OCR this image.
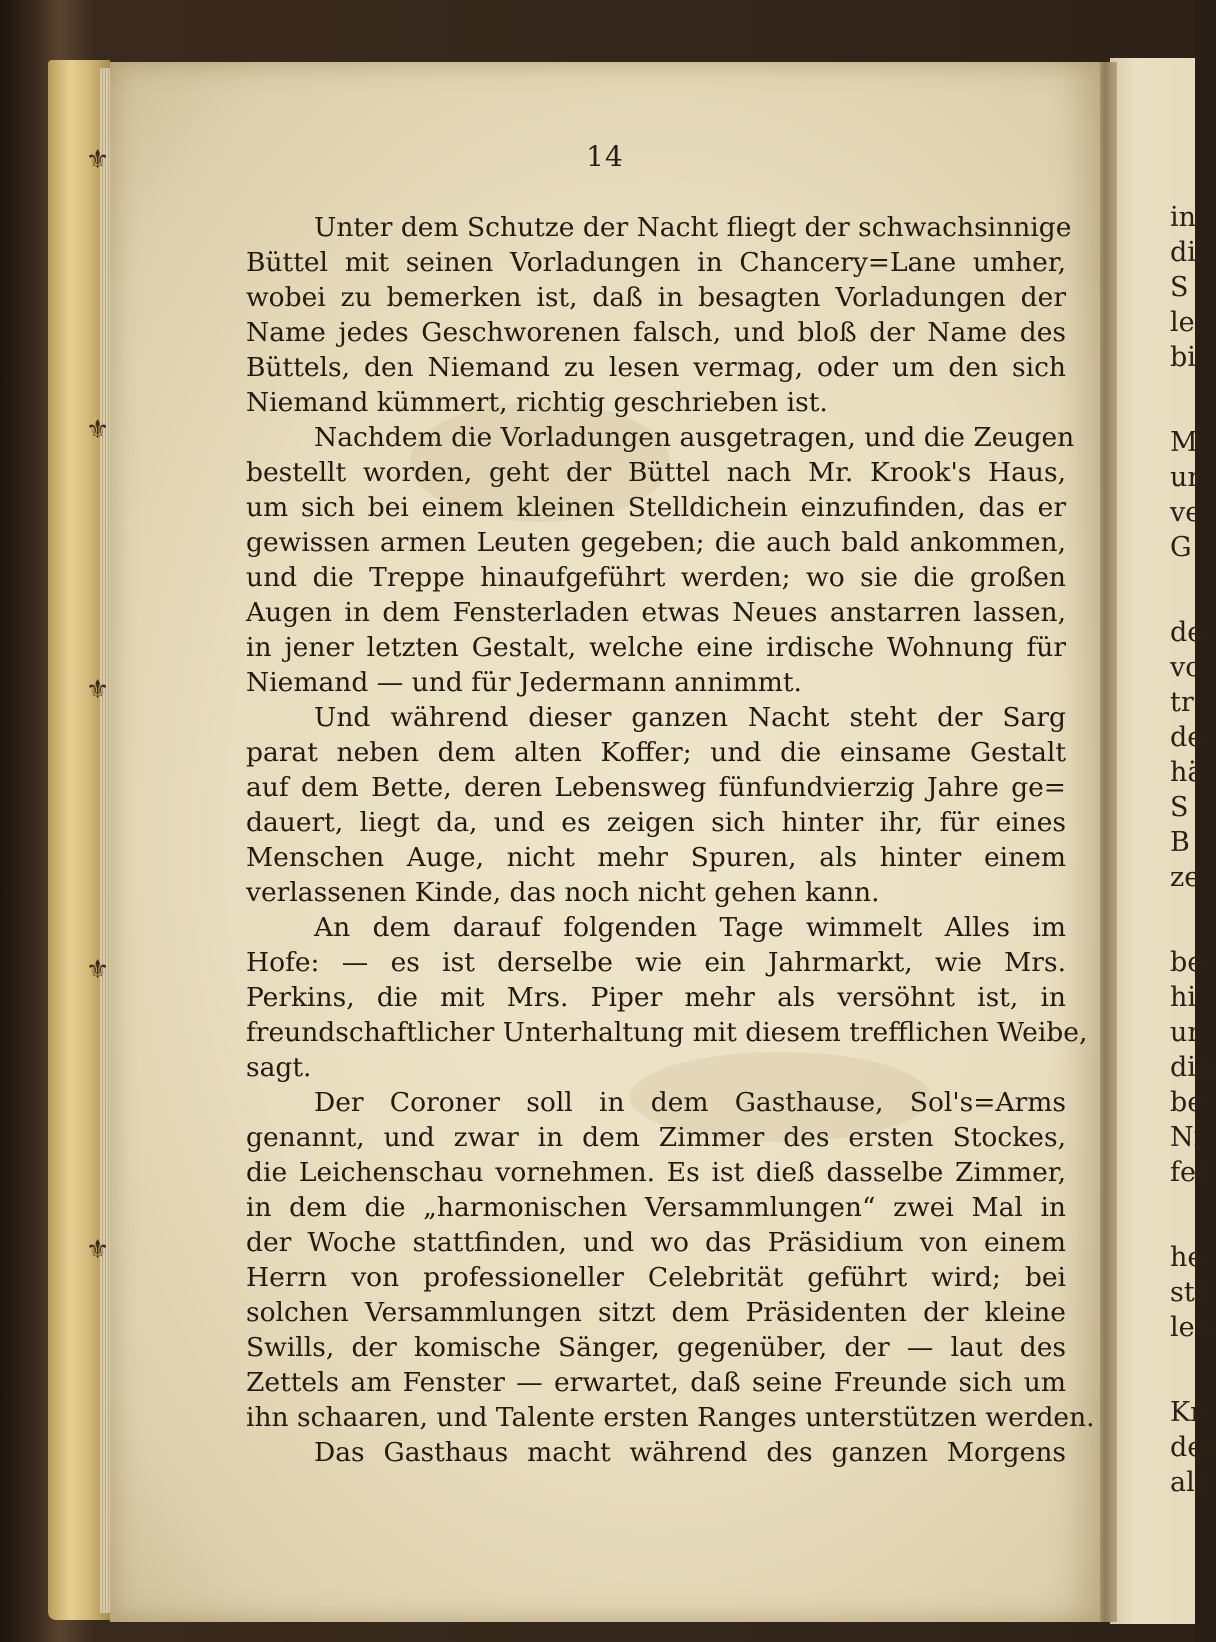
⚜
⚜
⚜
⚜
⚜
in
di
S
le
bi
M
ur
ve
G
de
vo
tr
de
hä
S
B
ze
be
hi
ur
die
be
Ni
fer
he
ste
leh
Kr
der
als
14
Unter dem Schutze der Nacht fliegt der schwachsinnige
Büttel mit seinen Vorladungen in Chancery=Lane umher,
wobei zu bemerken ist, daß in besagten Vorladungen der
Name jedes Geschworenen falsch, und bloß der Name des
Büttels, den Niemand zu lesen vermag, oder um den sich
Niemand kümmert, richtig geschrieben ist.
Nachdem die Vorladungen ausgetragen, und die Zeugen
bestellt worden, geht der Büttel nach Mr. Krook's Haus,
um sich bei einem kleinen Stelldichein einzufinden, das er
gewissen armen Leuten gegeben; die auch bald ankommen,
und die Treppe hinaufgeführt werden; wo sie die großen
Augen in dem Fensterladen etwas Neues anstarren lassen,
in jener letzten Gestalt, welche eine irdische Wohnung für
Niemand — und für Jedermann annimmt.
Und während dieser ganzen Nacht steht der Sarg
parat neben dem alten Koffer; und die einsame Gestalt
auf dem Bette, deren Lebensweg fünfundvierzig Jahre ge=
dauert, liegt da, und es zeigen sich hinter ihr, für eines
Menschen Auge, nicht mehr Spuren, als hinter einem
verlassenen Kinde, das noch nicht gehen kann.
An dem darauf folgenden Tage wimmelt Alles im
Hofe: — es ist derselbe wie ein Jahrmarkt, wie Mrs.
Perkins, die mit Mrs. Piper mehr als versöhnt ist, in
freundschaftlicher Unterhaltung mit diesem trefflichen Weibe,
sagt.
Der Coroner soll in dem Gasthause, Sol's=Arms
genannt, und zwar in dem Zimmer des ersten Stockes,
die Leichenschau vornehmen. Es ist dieß dasselbe Zimmer,
in dem die „harmonischen Versammlungen“ zwei Mal in
der Woche stattfinden, und wo das Präsidium von einem
Herrn von professioneller Celebrität geführt wird; bei
solchen Versammlungen sitzt dem Präsidenten der kleine
Swills, der komische Sänger, gegenüber, der — laut des
Zettels am Fenster — erwartet, daß seine Freunde sich um
ihn schaaren, und Talente ersten Ranges unterstützen werden.
Das Gasthaus macht während des ganzen Morgens
